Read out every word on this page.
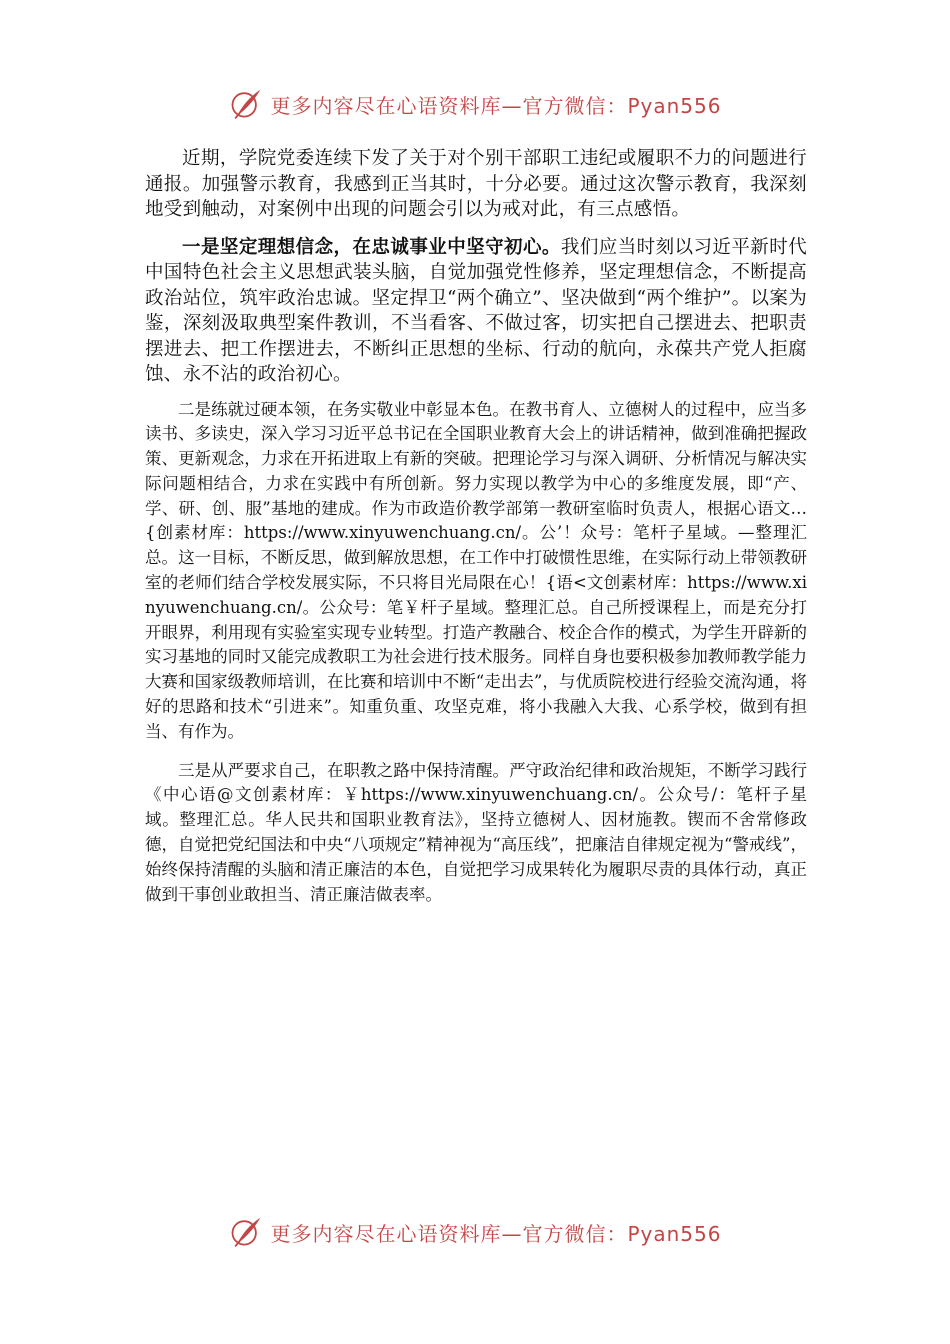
更多内容尽在心语资料库—官方微信：Pyan556

近期，学院党委连续下发了关于对个别干部职工违纪或履职不力的问题进行通报。加强警示教育，我感到正当其时，十分必要。通过这次警示教育，我深刻地受到触动，对案例中出现的问题会引以为戒对此，有三点感悟。

一是坚定理想信念，在忠诚事业中坚守初心。我们应当时刻以习近平新时代中国特色社会主义思想武装头脑，自觉加强党性修养，坚定理想信念，不断提高政治站位，筑牢政治忠诚。坚定捍卫“两个确立”、坚决做到“两个维护”。以案为鉴，深刻汲取典型案件教训，不当看客、不做过客，切实把自己摆进去、把职责摆进去、把工作摆进去，不断纠正思想的坐标、行动的航向，永葆共产党人拒腐蚀、永不沾的政治初心。

二是练就过硬本领，在务实敬业中彰显本色。在教书育人、立德树人的过程中，应当多读书、多读史，深入学习习近平总书记在全国职业教育大会上的讲话精神，做到准确把握政策、更新观念，力求在开拓进取上有新的突破。把理论学习与深入调研、分析情况与解决实际问题相结合，力求在实践中有所创新。努力实现以教学为中心的多维度发展，即“产、学、研、创、服”基地的建成。作为市政造价教学部第一教研室临时负责人，根据心语文…{创素材库：https://www.xinyuwenchuang.cn/。公’！众号：笔杆子星域。—整理汇总。这一目标，不断反思，做到解放思想，在工作中打破惯性思维，在实际行动上带领教研室的老师们结合学校发展实际，不只将目光局限在心！{语<文创素材库：https://www.xinyuwenchuang.cn/。公众号：笔￥杆子星域。整理汇总。自己所授课程上，而是充分打开眼界，利用现有实验室实现专业转型。打造产教融合、校企合作的模式，为学生开辟新的实习基地的同时又能完成教职工为社会进行技术服务。同样自身也要积极参加教师教学能力大赛和国家级教师培训，在比赛和培训中不断“走出去”，与优质院校进行经验交流沟通，将好的思路和技术“引进来”。知重负重、攻坚克难，将小我融入大我、心系学校，做到有担当、有作为。

三是从严要求自己，在职教之路中保持清醒。严守政治纪律和政治规矩，不断学习践行《中心语@文创素材库：￥https://www.xinyuwenchuang.cn/。公众号/：笔杆子星域。整理汇总。华人民共和国职业教育法》，坚持立德树人、因材施教。锲而不舍常修政德，自觉把党纪国法和中央“八项规定”精神视为“高压线”，把廉洁自律规定视为“警戒线”，始终保持清醒的头脑和清正廉洁的本色，自觉把学习成果转化为履职尽责的具体行动，真正做到干事创业敢担当、清正廉洁做表率。

更多内容尽在心语资料库—官方微信：Pyan556
